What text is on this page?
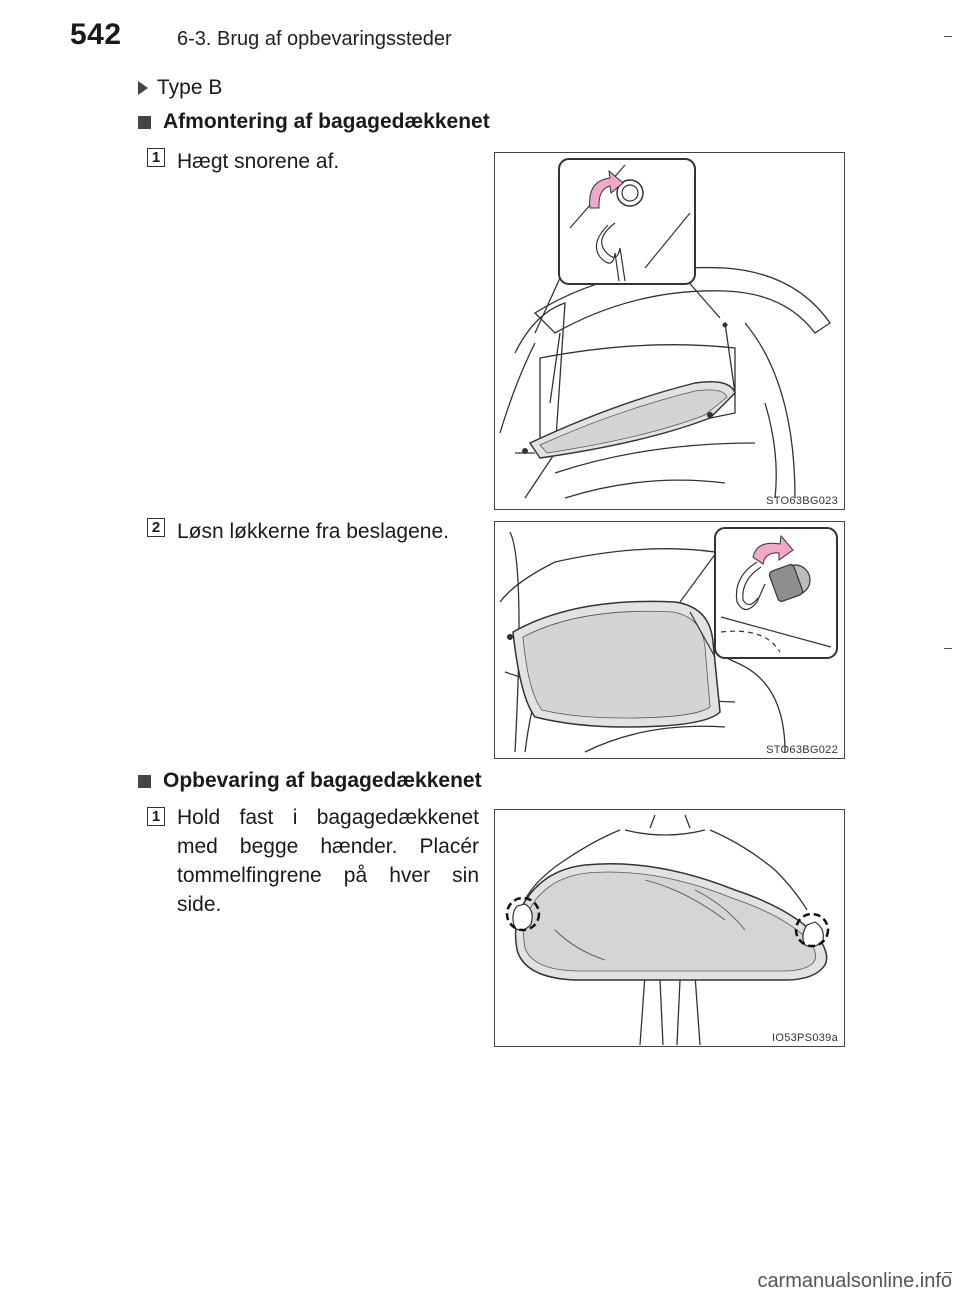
542	6-3. Brug af opbevaringssteder
Type B
Afmontering af bagagedækkenet
1 Hægt snorene af.
STO63BG023
2 Løsn løkkerne fra beslagene.
STO63BG022
Opbevaring af bagagedækkenet
1 Hold fast i bagagedækkenet med begge hænder. Placér tommelfingrene på hver sin side.
IO53PS039a
carmanualsonline.info
